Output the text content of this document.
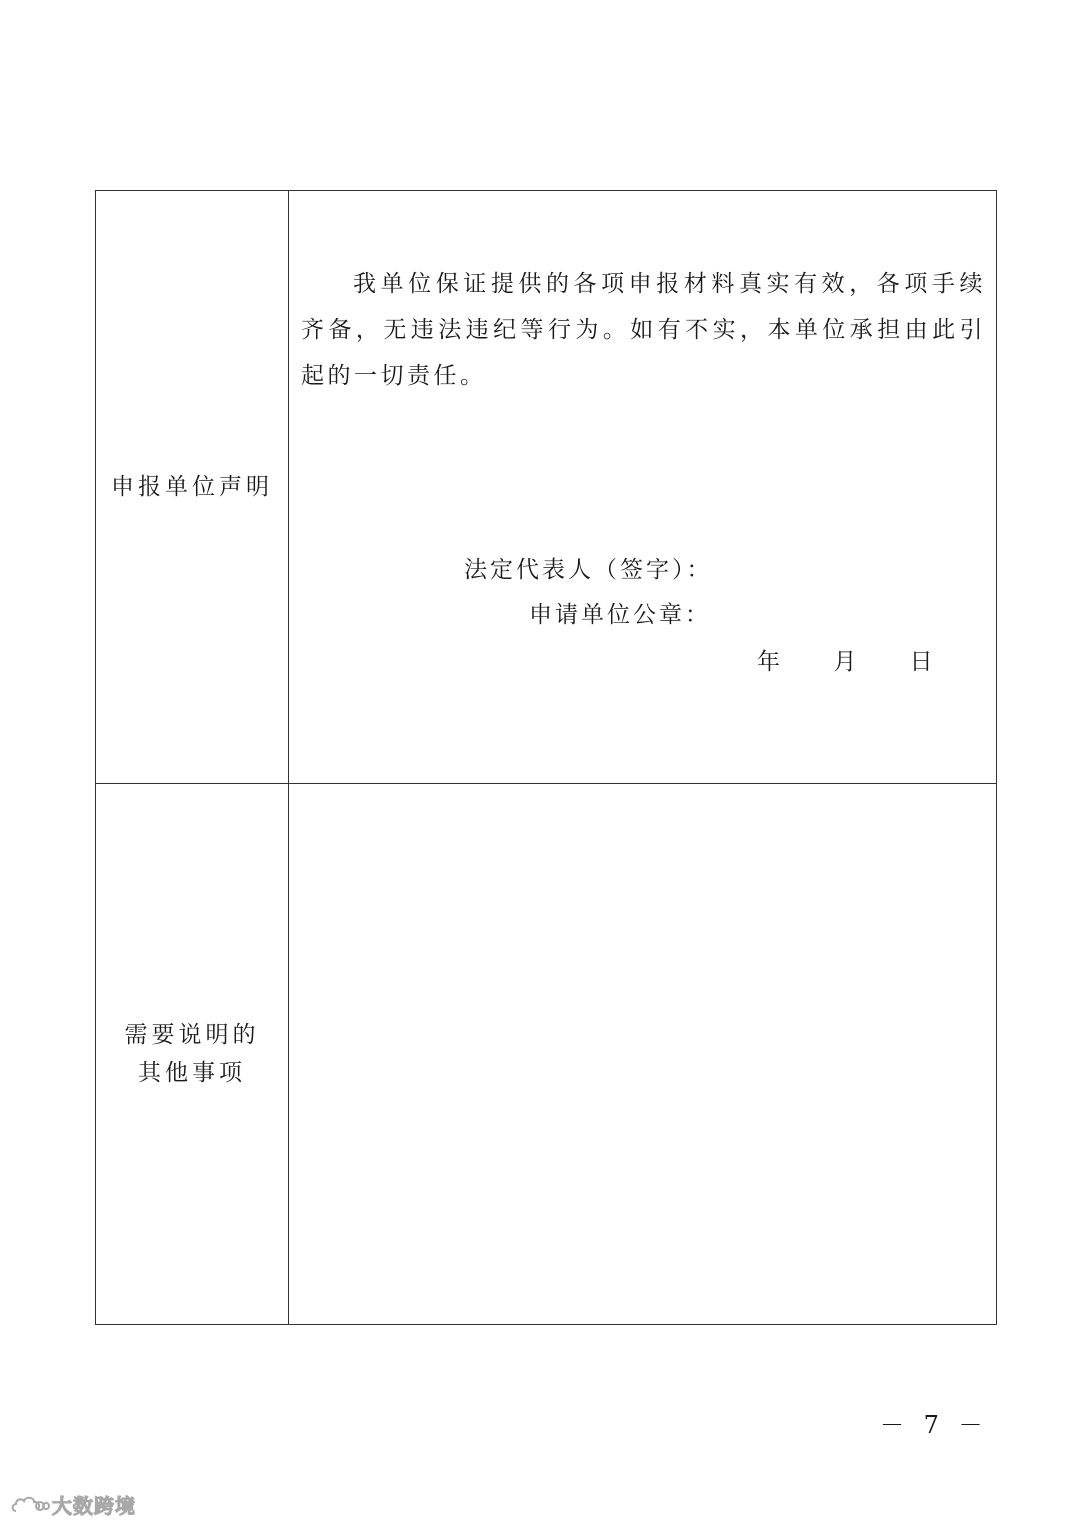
申报单位声明
我单位保证提供的各项申报材料真实有效，各项手续齐备，无违法违纪等行为。如有不实，本单位承担由此引起的一切责任。
法定代表人（签字）：
申请单位公章：
年 月 日
需要说明的
其他事项
－ 7 －
大数跨境
